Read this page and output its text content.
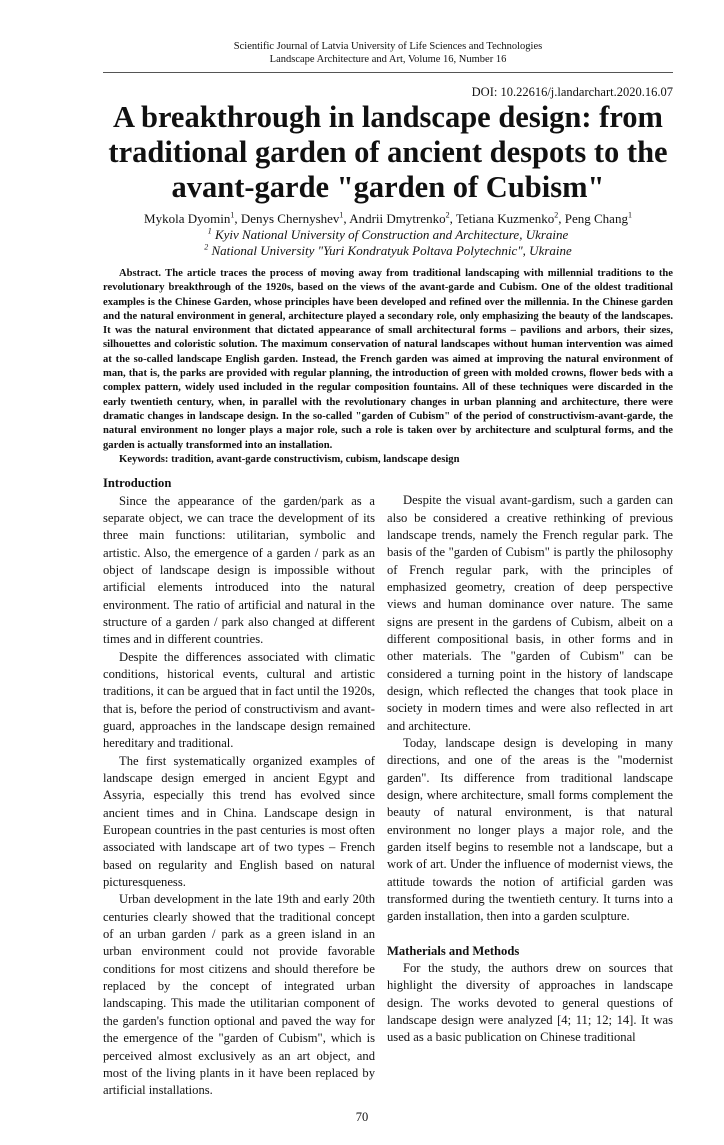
Scientific Journal of Latvia University of Life Sciences and Technologies
Landscape Architecture and Art, Volume 16, Number 16
DOI: 10.22616/j.landarchart.2020.16.07
A breakthrough in landscape design: from traditional garden of ancient despots to the avant-garde "garden of Cubism"
Mykola Dyomin$^1$, Denys Chernyshev$^1$, Andrii Dmytrenko$^2$, Tetiana Kuzmenko$^2$, Peng Chang$^1$
$^1$ Kyiv National University of Construction and Architecture, Ukraine
$^2$ National University "Yuri Kondratyuk Poltava Polytechnic", Ukraine
Abstract. The article traces the process of moving away from traditional landscaping with millennial traditions to the revolutionary breakthrough of the 1920s, based on the views of the avant-garde and Cubism. One of the oldest traditional examples is the Chinese Garden, whose principles have been developed and refined over the millennia. In the Chinese garden and the natural environment in general, architecture played a secondary role, only emphasizing the beauty of the landscapes. It was the natural environment that dictated appearance of small architectural forms – pavilions and arbors, their sizes, silhouettes and coloristic solution. The maximum conservation of natural landscapes without human intervention was aimed at the so-called landscape English garden. Instead, the French garden was aimed at improving the natural environment of man, that is, the parks are provided with regular planning, the introduction of green with molded crowns, flower beds with a complex pattern, widely used included in the regular composition fountains. All of these techniques were discarded in the early twentieth century, when, in parallel with the revolutionary changes in urban planning and architecture, there were dramatic changes in landscape design. In the so-called "garden of Cubism" of the period of constructivism-avant-garde, the natural environment no longer plays a major role, such a role is taken over by architecture and sculptural forms, and the garden is actually transformed into an installation.
Keywords: tradition, avant-garde constructivism, cubism, landscape design
Introduction

Since the appearance of the garden/park as a separate object, we can trace the development of its three main functions: utilitarian, symbolic and artistic. Also, the emergence of a garden / park as an object of landscape design is impossible without artificial elements introduced into the natural environment. The ratio of artificial and natural in the structure of a garden / park also changed at different times and in different countries.

Despite the differences associated with climatic conditions, historical events, cultural and artistic traditions, it can be argued that in fact until the 1920s, that is, before the period of constructivism and avant-guard, approaches in the landscape design remained hereditary and traditional.

The first systematically organized examples of landscape design emerged in ancient Egypt and Assyria, especially this trend has evolved since ancient times and in China. Landscape design in European countries in the past centuries is most often associated with landscape art of two types – French based on regularity and English based on natural picturesqueness.

Urban development in the late 19th and early 20th centuries clearly showed that the traditional concept of an urban garden / park as a green island in an urban environment could not provide favorable conditions for most citizens and should therefore be replaced by the concept of integrated urban landscaping. This made the utilitarian component of the garden's function optional and paved the way for the emergence of the "garden of Cubism", which is perceived almost exclusively as an art object, and most of the living plants in it have been replaced by artificial installations.

Despite the visual avant-gardism, such a garden can also be considered a creative rethinking of previous landscape trends, namely the French regular park. The basis of the "garden of Cubism" is partly the philosophy of French regular park, with the principles of emphasized geometry, creation of deep perspective views and human dominance over nature. The same signs are present in the gardens of Cubism, albeit on a different compositional basis, in other forms and in other materials. The "garden of Cubism" can be considered a turning point in the history of landscape design, which reflected the changes that took place in society in modern times and were also reflected in art and architecture.

Today, landscape design is developing in many directions, and one of the areas is the "modernist garden". Its difference from traditional landscape design, where architecture, small forms complement the beauty of natural environment, is that natural environment no longer plays a major role, and the garden itself begins to resemble not a landscape, but a work of art. Under the influence of modernist views, the attitude towards the notion of artificial garden was transformed during the twentieth century. It turns into a garden installation, then into a garden sculpture.

Matherials and Methods

For the study, the authors drew on sources that highlight the diversity of approaches in landscape design. The works devoted to general questions of landscape design were analyzed [4; 11; 12; 14]. It was used as a basic publication on Chinese traditional

70
